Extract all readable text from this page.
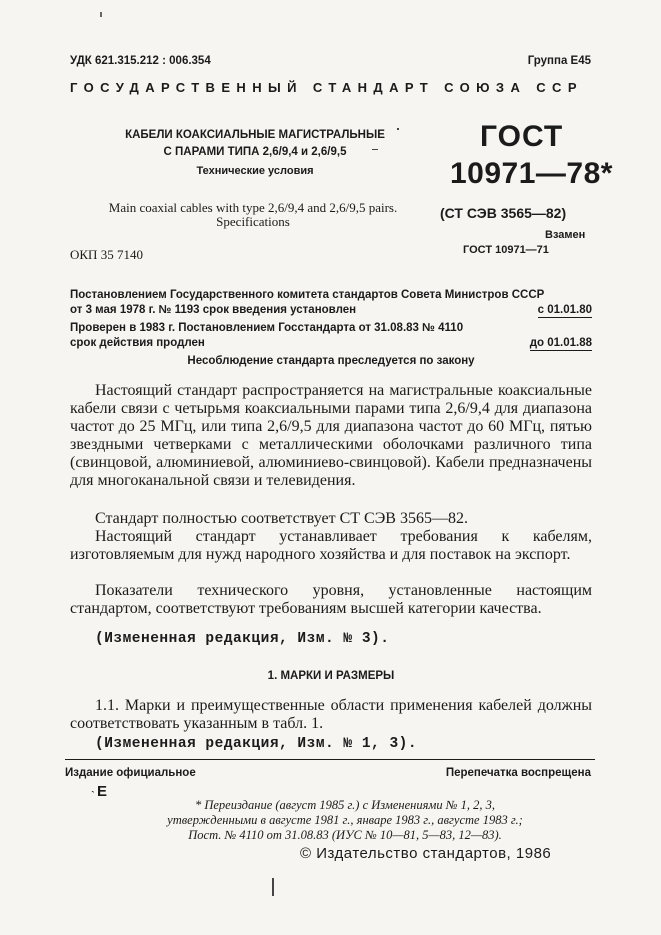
УДК 621.315.212 : 006.354	Группа Е45
ГОСУДАРСТВЕННЫЙ СТАНДАРТ СОЮЗА ССР
КАБЕЛИ КОАКСИАЛЬНЫЕ МАГИСТРАЛЬНЫЕ
С ПАРАМИ ТИПА 2,6/9,4 и 2,6/9,5
Технические условия
Main coaxial cables with type 2,6/9,4 and 2,6/9,5 pairs.
Specifications
ОКП 35 7140
ГОСТ
10971—78*
(СТ СЭВ 3565—82)
Взамен
ГОСТ 10971—71
Постановлением Государственного комитета стандартов Совета Министров СССР
от 3 мая 1978 г. № 1193 срок введения установлен	с 01.01.80
Проверен в 1983 г. Постановлением Госстандарта от 31.08.83 № 4110
срок действия продлен	до 01.01.88
Несоблюдение стандарта преследуется по закону
Настоящий стандарт распространяется на магистральные коаксиальные кабели связи с четырьмя коаксиальными парами типа 2,6/9,4 для диапазона частот до 25 МГц, или типа 2,6/9,5 для диапазона частот до 60 МГц, пятью звездными четверками с металлическими оболочками различного типа (свинцовой, алюминиевой, алюминиево-свинцовой). Кабели предназначены для многоканальной связи и телевидения.
Стандарт полностью соответствует СТ СЭВ 3565—82.
Настоящий стандарт устанавливает требования к кабелям, изготовляемым для нужд народного хозяйства и для поставок на экспорт.
Показатели технического уровня, установленные настоящим стандартом, соответствуют требованиям высшей категории качества.
(Измененная редакция, Изм. № 3).
1. МАРКИ И РАЗМЕРЫ
1.1. Марки и преимущественные области применения кабелей должны соответствовать указанным в табл. 1.
(Измененная редакция, Изм. № 1, 3).
Издание официальное	Перепечатка воспрещена
ˋ Е
* Переиздание (август 1985 г.) с Изменениями № 1, 2, 3,
утвержденными в августе 1981 г., январе 1983 г., августе 1983 г.;
Пост. № 4110 от 31.08.83 (ИУС № 10—81, 5—83, 12—83).
© Издательство стандартов, 1986
